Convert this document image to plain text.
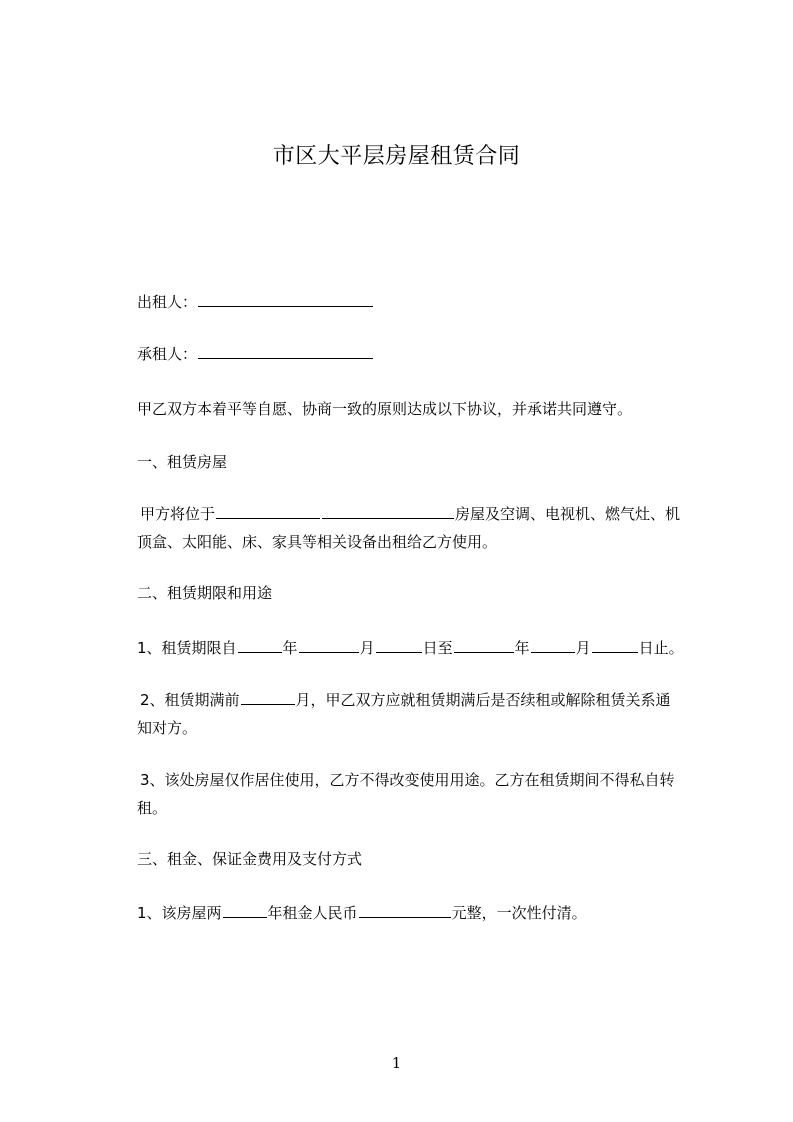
市区大平层房屋租赁合同
出租人：
承租人：
甲乙双方本着平等自愿、协商一致的原则达成以下协议，并承诺共同遵守。
一、租赁房屋
甲方将位于	房屋及空调、电视机、燃气灶、机
顶盒、太阳能、床、家具等相关设备出租给乙方使用。
二、租赁期限和用途
1、租赁期限自	年	月	日至	年	月	日止。
2、租赁期满前	月，甲乙双方应就租赁期满后是否续租或解除租赁关系通
知对方。
3、该处房屋仅作居住使用，乙方不得改变使用用途。乙方在租赁期间不得私自转
租。
三、租金、保证金费用及支付方式
1、该房屋两	年租金人民币	元整，一次性付清。
1
